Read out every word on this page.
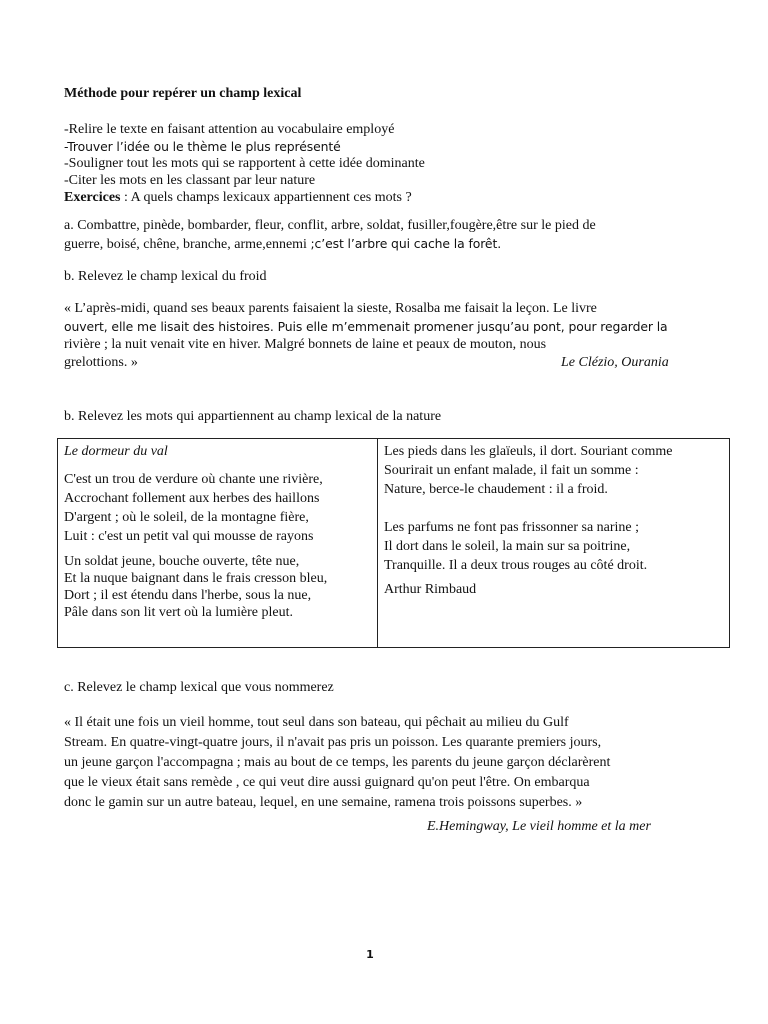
Méthode pour repérer un champ lexical
-Relire le texte en faisant attention au vocabulaire employé
-Trouver l’idée ou le thème le plus représenté
-Souligner tout les mots qui se rapportent à cette idée dominante
-Citer les mots en les classant par leur nature
Exercices : A quels champs lexicaux appartiennent ces mots ?
a. Combattre, pinède, bombarder, fleur, conflit, arbre, soldat, fusiller,fougère,être sur le pied de
guerre, boisé, chêne, branche, arme,ennemi ;c’est l’arbre qui cache la forêt.
b. Relevez le champ lexical du froid
« L’après-midi, quand ses beaux parents faisaient la sieste, Rosalba me faisait la leçon. Le livre
ouvert, elle me lisait des histoires. Puis elle m’emmenait promener jusqu’au pont, pour regarder la
rivière ; la nuit venait vite en hiver. Malgré bonnets de laine et peaux de mouton, nous
grelottions. »	Le Clézio, Ourania
b. Relevez les mots qui appartiennent au champ lexical de la nature
Le dormeur du val
C'est un trou de verdure où chante une rivière,
Accrochant follement aux herbes des haillons
D'argent ; où le soleil, de la montagne fière,
Luit : c'est un petit val qui mousse de rayons
Un soldat jeune, bouche ouverte, tête nue,
Et la nuque baignant dans le frais cresson bleu,
Dort ; il est étendu dans l'herbe, sous la nue,
Pâle dans son lit vert où la lumière pleut.

Les pieds dans les glaïeuls, il dort. Souriant comme
Sourirait un enfant malade, il fait un somme :
Nature, berce-le chaudement : il a froid.
Les parfums ne font pas frissonner sa narine ;
Il dort dans le soleil, la main sur sa poitrine,
Tranquille. Il a deux trous rouges au côté droit.
Arthur Rimbaud
c. Relevez le champ lexical que vous nommerez
« Il était une fois un vieil homme, tout seul dans son bateau, qui pêchait au milieu du Gulf
Stream. En quatre-vingt-quatre jours, il n'avait pas pris un poisson. Les quarante premiers jours,
un jeune garçon l'accompagna ; mais au bout de ce temps, les parents du jeune garçon déclarèrent
que le vieux était sans remède , ce qui veut dire aussi guignard qu'on peut l'être. On embarqua
donc le gamin sur un autre bateau, lequel, en une semaine, ramena trois poissons superbes. »
E.Hemingway, Le vieil homme et la mer
1
